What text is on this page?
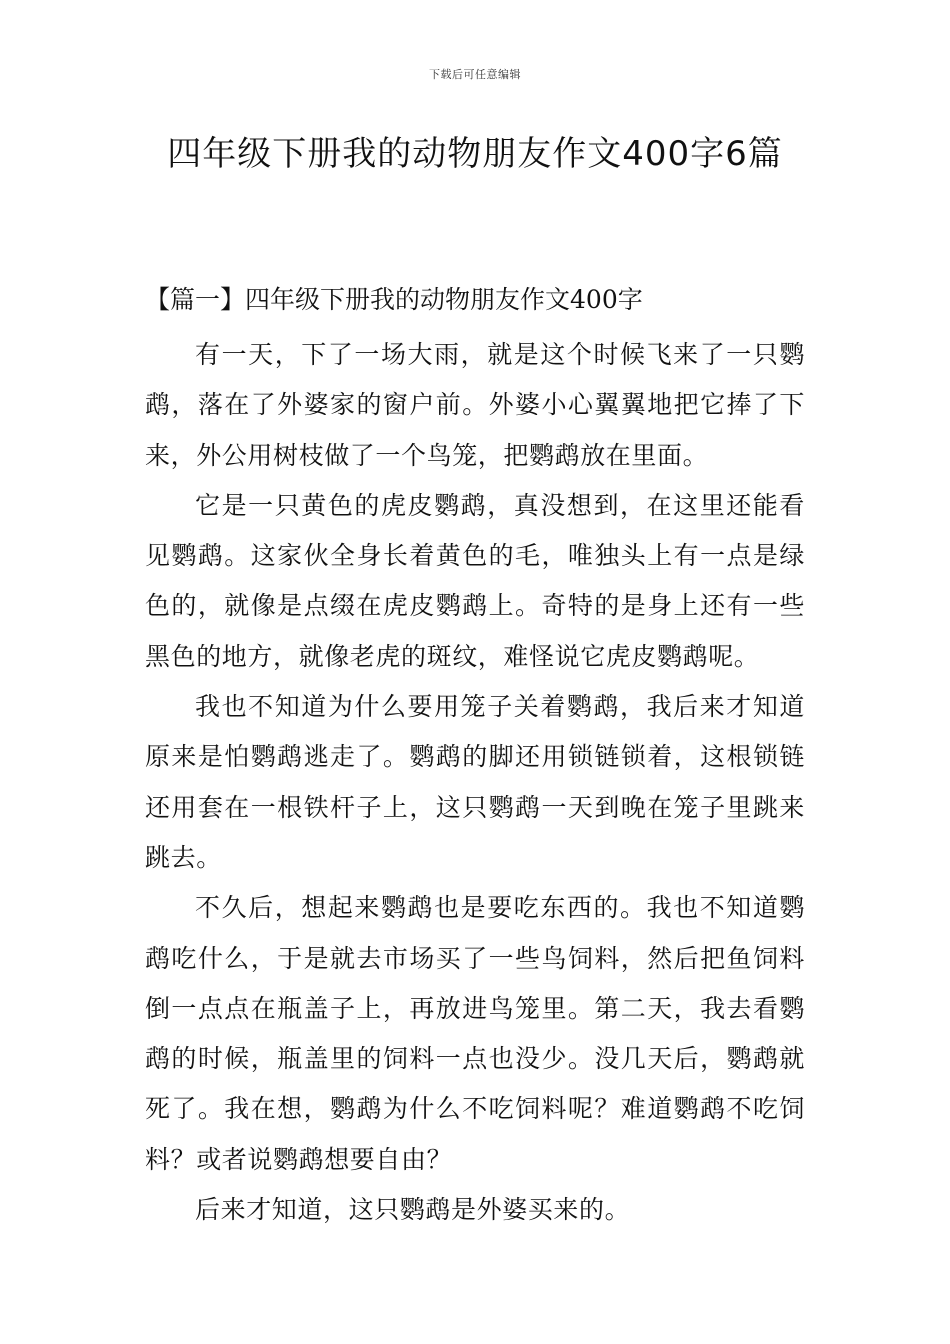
下载后可任意编辑
四年级下册我的动物朋友作文400字6篇

【篇一】四年级下册我的动物朋友作文400字

有一天，下了一场大雨，就是这个时候飞来了一只鹦鹉，落在了外婆家的窗户前。外婆小心翼翼地把它捧了下来，外公用树枝做了一个鸟笼，把鹦鹉放在里面。

它是一只黄色的虎皮鹦鹉，真没想到，在这里还能看见鹦鹉。这家伙全身长着黄色的毛，唯独头上有一点是绿色的，就像是点缀在虎皮鹦鹉上。奇特的是身上还有一些黑色的地方，就像老虎的斑纹，难怪说它虎皮鹦鹉呢。

我也不知道为什么要用笼子关着鹦鹉，我后来才知道原来是怕鹦鹉逃走了。鹦鹉的脚还用锁链锁着，这根锁链还用套在一根铁杆子上，这只鹦鹉一天到晚在笼子里跳来跳去。

不久后，想起来鹦鹉也是要吃东西的。我也不知道鹦鹉吃什么，于是就去市场买了一些鸟饲料，然后把鱼饲料倒一点点在瓶盖子上，再放进鸟笼里。第二天，我去看鹦鹉的时候，瓶盖里的饲料一点也没少。没几天后，鹦鹉就死了。我在想，鹦鹉为什么不吃饲料呢？难道鹦鹉不吃饲料？或者说鹦鹉想要自由？

后来才知道，这只鹦鹉是外婆买来的。
